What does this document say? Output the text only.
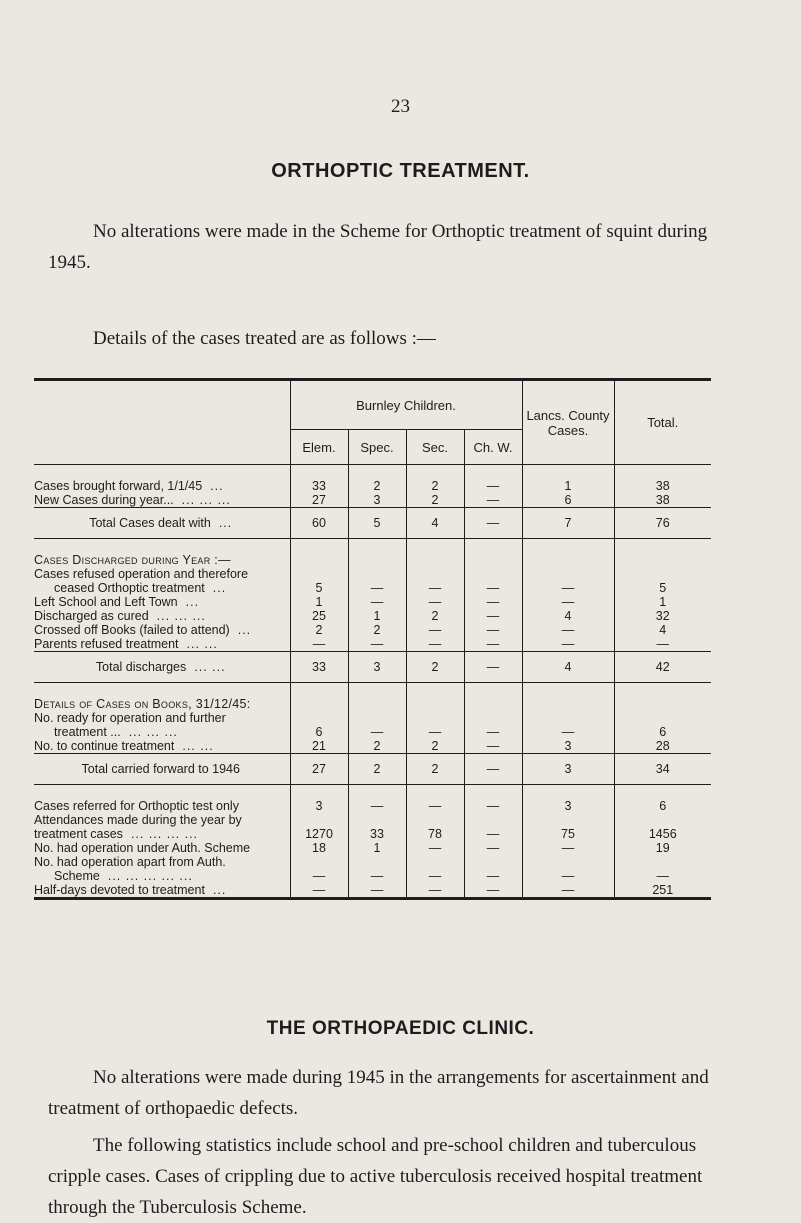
23
ORTHOPTIC TREATMENT.

No alterations were made in the Scheme for Orthoptic treatment of squint during 1945.

Details of the cases treated are as follows :—

	Burnley Children.				Lancs. County Cases.	Total.
	Elem.	Spec.	Sec.	Ch. W.		
Cases brought forward, 1/1/45 ...	33	2	2	—	1	38
New Cases during year... ... ... ...	27	3	2	—	6	38
Total Cases dealt with ...	60	5	4	—	7	76
Cases Discharged during Year :—						
Cases refused operation and therefore						
ceased Orthoptic treatment ...	5	—	—	—	—	5
Left School and Left Town ...	1	—	—	—	—	1
Discharged as cured ... ... ...	25	1	2	—	4	32
Crossed off Books (failed to attend) ...	2	2	—	—	—	4
Parents refused treatment ... ...	—	—	—	—	—	—
Total discharges ... ...	33	3	2	—	4	42
Details of Cases on Books, 31/12/45:						
No. ready for operation and further						
treatment ... ... ... ...	6	—	—	—	—	6
No. to continue treatment ... ...	21	2	2	—	3	28
Total carried forward to 1946	27	2	2	—	3	34
Cases referred for Orthoptic test only	3	—	—	—	3	6
Attendances made during the year by						
treatment cases ... ... ... ...	1270	33	78	—	75	1456
No. had operation under Auth. Scheme	18	1	—	—	—	19
No. had operation apart from Auth.						
Scheme ... ... ... ... ...	—	—	—	—	—	—
Half-days devoted to treatment ...	—	—	—	—	—	251
THE ORTHOPAEDIC CLINIC.

No alterations were made during 1945 in the arrangements for ascertainment and treatment of orthopaedic defects.

The following statistics include school and pre-school children and tuberculous cripple cases. Cases of crippling due to active tuberculosis received hospital treatment through the Tuberculosis Scheme.
